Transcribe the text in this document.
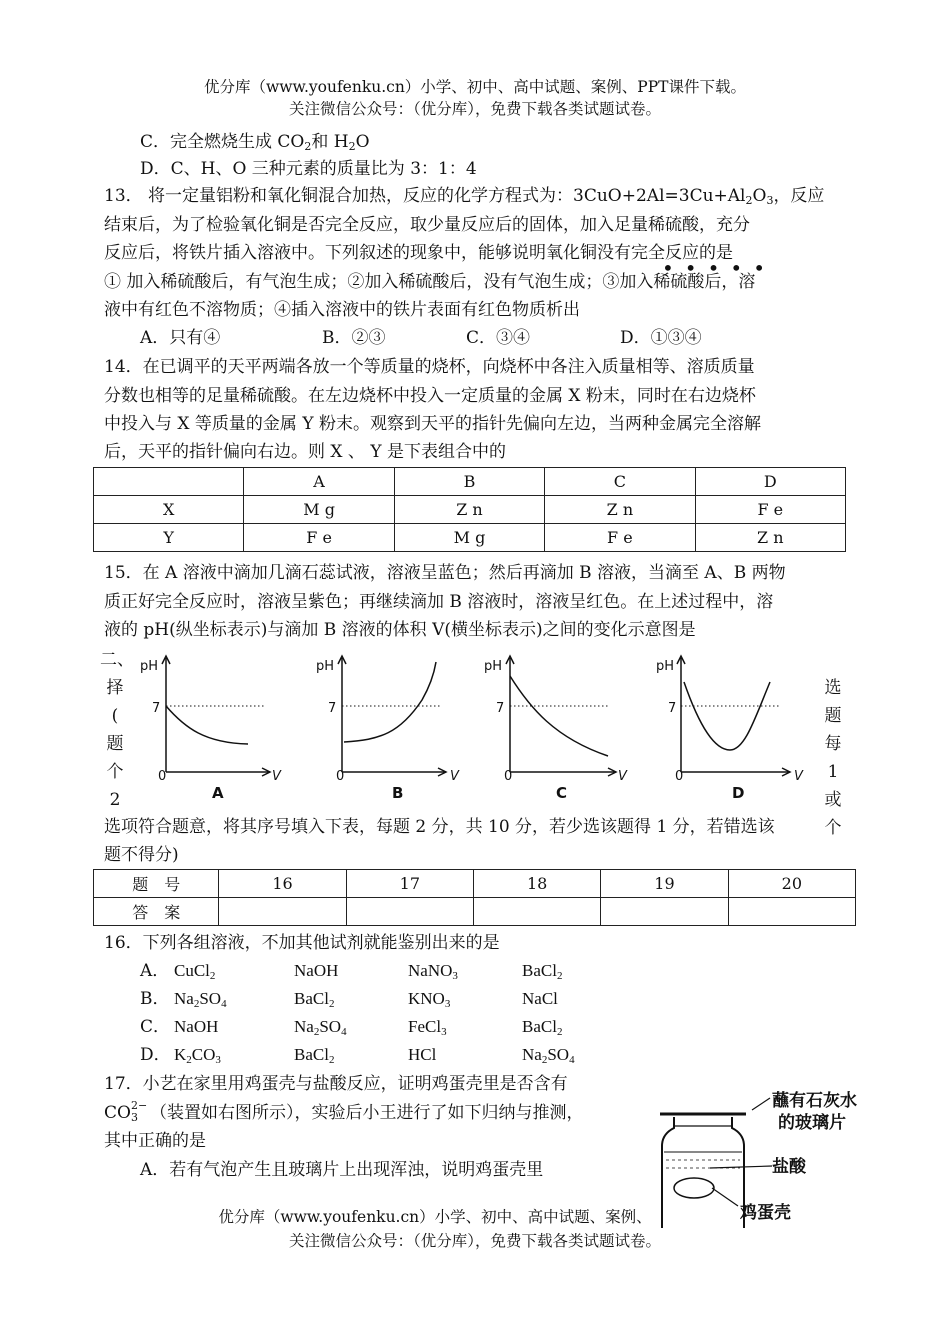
优分库（www.youfenku.cn）小学、初中、高中试题、案例、PPT课件下载。
关注微信公众号：（优分库），免费下载各类试题试卷。
C．完全燃烧生成 $CO_2$和 $H_2O$
D．C、H、O 三种元素的质量比为 3：1：4
13． 将一定量铝粉和氧化铜混合加热，反应的化学方程式为：$3CuO+2Al=3Cu+Al_2O_3$，反应
结束后，为了检验氧化铜是否完全反应，取少量反应后的固体，加入足量稀硫酸，充分
反应后，将铁片插入溶液中。下列叙述的现象中，能够说明氧化铜没有完全反应的是
•••••
① 加入稀硫酸后，有气泡生成；②加入稀硫酸后，没有气泡生成；③加入稀硫酸后，溶
液中有红色不溶物质；④插入溶液中的铁片表面有红色物质析出
A．只有④	B．②③	C．③④	D．①③④
14．在已调平的天平两端各放一个等质量的烧杯，向烧杯中各注入质量相等、溶质质量
分数也相等的足量稀硫酸。在左边烧杯中投入一定质量的金属 X 粉末，同时在右边烧杯
中投入与 X 等质量的金属 Y 粉末。观察到天平的指针先偏向左边，当两种金属完全溶解
后，天平的指针偏向右边。则 X 、 Y 是下表组合中的
	A	B	C	D
X	M g	Z n	Z n	F e
Y	F e	M g	F e	Z n
15．在 A 溶液中滴加几滴石蕊试液，溶液呈蓝色；然后再滴加 B 溶液，当滴至 A、B 两物
质正好完全反应时，溶液呈紫色；再继续滴加 B 溶液时，溶液呈红色。在上述过程中，溶
液的 pH(纵坐标表示)与滴加 B 溶液的体积 V(横坐标表示)之间的变化示意图是
二、
择
(
题
个
2
选
题
每
1
或
个
pH
7
0	V
A
pH
7
0	V
B
pH
7
0	V
C
pH
7
0	V
D
选项符合题意，将其序号填入下表，每题 2 分，共 10 分，若少选该题得 1 分，若错选该
题不得分)
题　号	16	17	18	19	20
答　案					
16．下列各组溶液，不加其他试剂就能鉴别出来的是
A． CuCl$_2$	NaOH	NaNO$_3$	BaCl$_2$
B． $Na_2SO_4$	BaCl$_2$	$KNO_3$	NaCl
C． NaOH	$Na_2SO_4$	FeCl$_3$	BaCl$_2$
D． $K_2CO_3$	BaCl$_2$	HCl	$Na_2SO_4$
17．小艺在家里用鸡蛋壳与盐酸反应，证明鸡蛋壳里是否含有
CO 2−
$_3$ （装置如右图所示），实验后小王进行了如下归纳与推测，
其中正确的是
A．若有气泡产生且玻璃片上出现浑浊，说明鸡蛋壳里
蘸有石灰水
的玻璃片
盐酸
鸡蛋壳
优分库（www.youfenku.cn）小学、初中、高中试题、案例、
关注微信公众号：（优分库），免费下载各类试题试卷。
